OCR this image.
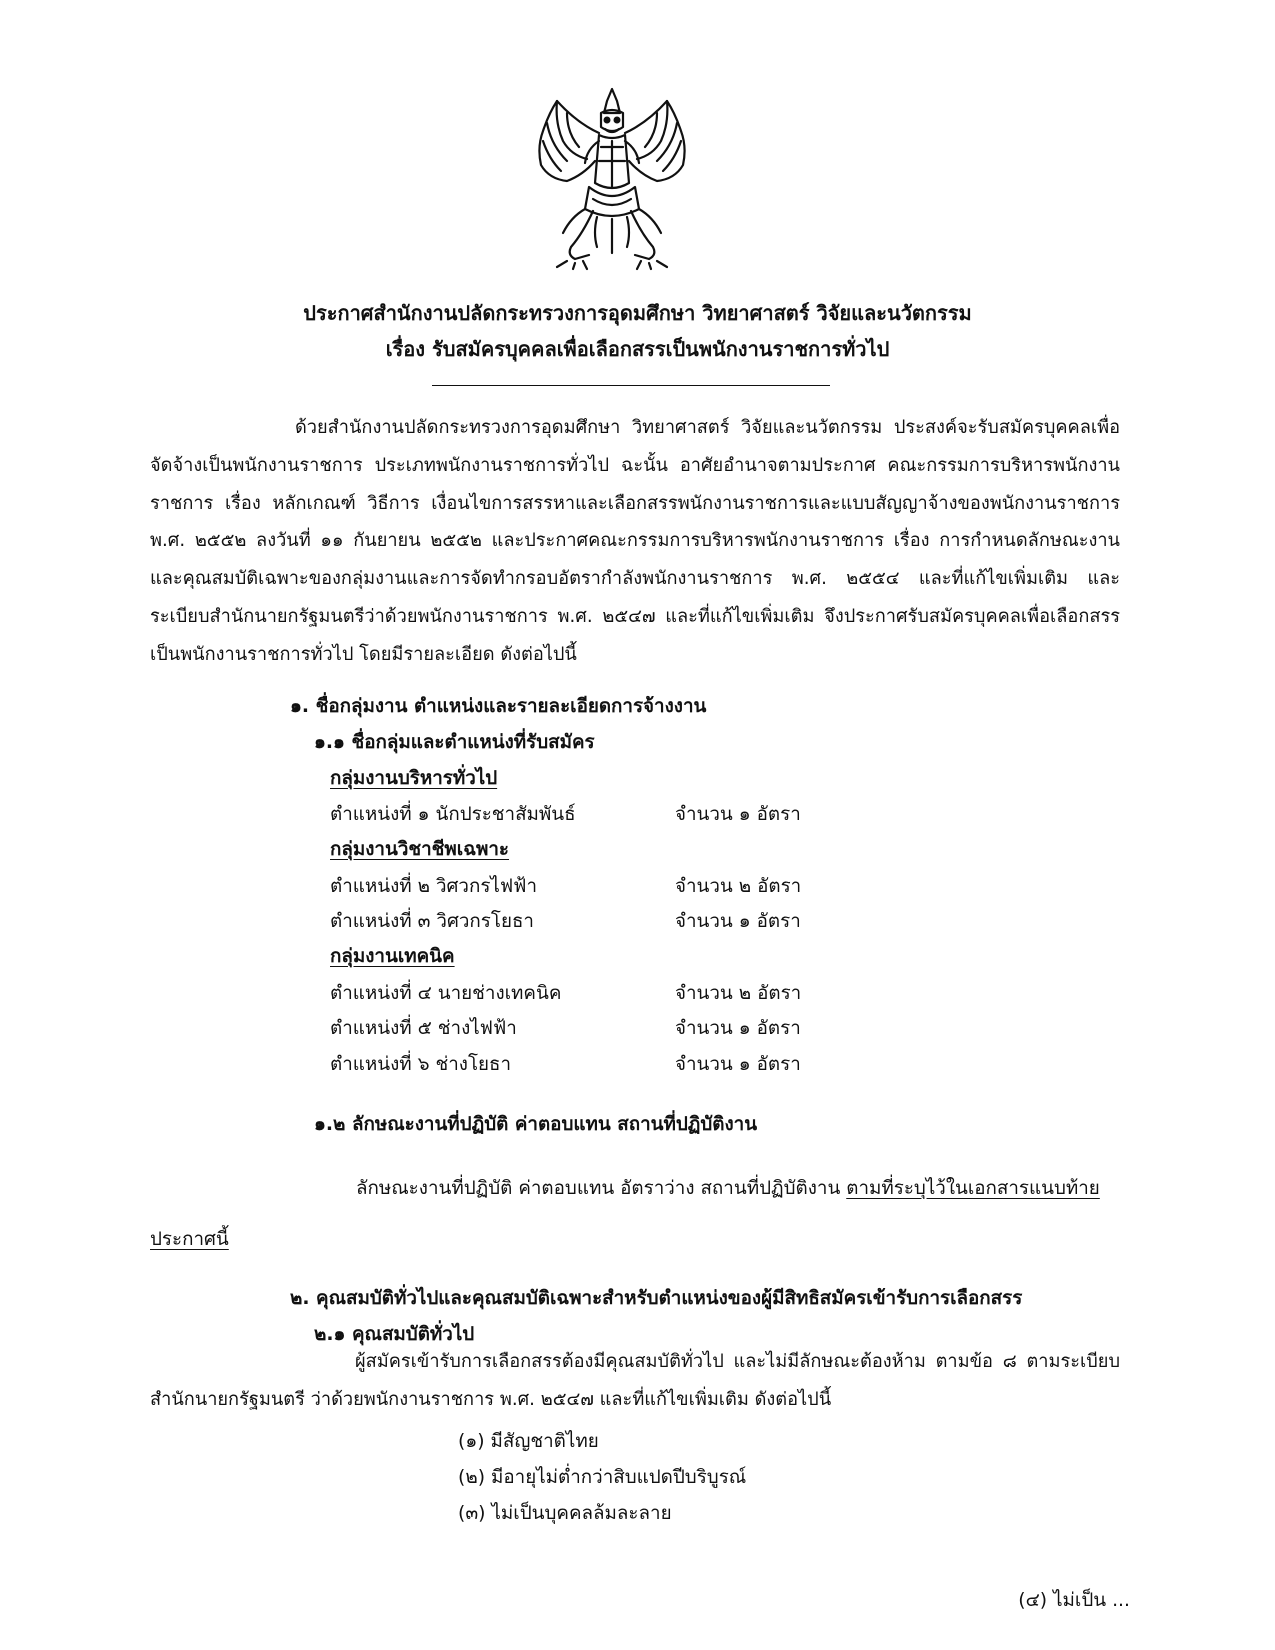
ประกาศสำนักงานปลัดกระทรวงการอุดมศึกษา วิทยาศาสตร์ วิจัยและนวัตกรรม
เรื่อง รับสมัครบุคคลเพื่อเลือกสรรเป็นพนักงานราชการทั่วไป

ด้วยสำนักงานปลัดกระทรวงการอุดมศึกษา วิทยาศาสตร์ วิจัยและนวัตกรรม ประสงค์จะรับสมัครบุคคลเพื่อจัดจ้างเป็นพนักงานราชการ ประเภทพนักงานราชการทั่วไป ฉะนั้น อาศัยอำนาจตามประกาศ คณะกรรมการบริหารพนักงานราชการ เรื่อง หลักเกณฑ์ วิธีการ เงื่อนไขการสรรหาและเลือกสรรพนักงานราชการและแบบสัญญาจ้างของพนักงานราชการ พ.ศ. ๒๕๕๒ ลงวันที่ ๑๑ กันยายน ๒๕๕๒ และประกาศคณะกรรมการบริหารพนักงานราชการ เรื่อง การกำหนดลักษณะงาน และคุณสมบัติเฉพาะของกลุ่มงานและการจัดทำกรอบอัตรากำลังพนักงานราชการ พ.ศ. ๒๕๕๔ และที่แก้ไขเพิ่มเติม และระเบียบสำนักนายกรัฐมนตรีว่าด้วยพนักงานราชการ พ.ศ. ๒๕๔๗ และที่แก้ไขเพิ่มเติม จึงประกาศรับสมัครบุคคลเพื่อเลือกสรรเป็นพนักงานราชการทั่วไป โดยมีรายละเอียด ดังต่อไปนี้

๑. ชื่อกลุ่มงาน ตำแหน่งและรายละเอียดการจ้างงาน
๑.๑ ชื่อกลุ่มและตำแหน่งที่รับสมัคร
กลุ่มงานบริหารทั่วไป
ตำแหน่งที่ ๑ นักประชาสัมพันธ์	จำนวน ๑ อัตรา
กลุ่มงานวิชาชีพเฉพาะ
ตำแหน่งที่ ๒ วิศวกรไฟฟ้า	จำนวน ๒ อัตรา
ตำแหน่งที่ ๓ วิศวกรโยธา	จำนวน ๑ อัตรา
กลุ่มงานเทคนิค
ตำแหน่งที่ ๔ นายช่างเทคนิค	จำนวน ๒ อัตรา
ตำแหน่งที่ ๕ ช่างไฟฟ้า	จำนวน ๑ อัตรา
ตำแหน่งที่ ๖ ช่างโยธา	จำนวน ๑ อัตรา
๑.๒ ลักษณะงานที่ปฏิบัติ ค่าตอบแทน สถานที่ปฏิบัติงาน
ลักษณะงานที่ปฏิบัติ ค่าตอบแทน อัตราว่าง สถานที่ปฏิบัติงาน ตามที่ระบุไว้ในเอกสารแนบท้าย
ประกาศนี้
๒. คุณสมบัติทั่วไปและคุณสมบัติเฉพาะสำหรับตำแหน่งของผู้มีสิทธิสมัครเข้ารับการเลือกสรร
๒.๑ คุณสมบัติทั่วไป

ผู้สมัครเข้ารับการเลือกสรรต้องมีคุณสมบัติทั่วไป และไม่มีลักษณะต้องห้าม ตามข้อ ๘ ตามระเบียบสำนักนายกรัฐมนตรี ว่าด้วยพนักงานราชการ พ.ศ. ๒๕๔๗ และที่แก้ไขเพิ่มเติม ดังต่อไปนี้

(๑) มีสัญชาติไทย
(๒) มีอายุไม่ต่ำกว่าสิบแปดปีบริบูรณ์
(๓) ไม่เป็นบุคคลล้มละลาย
(๔) ไม่เป็น ...
